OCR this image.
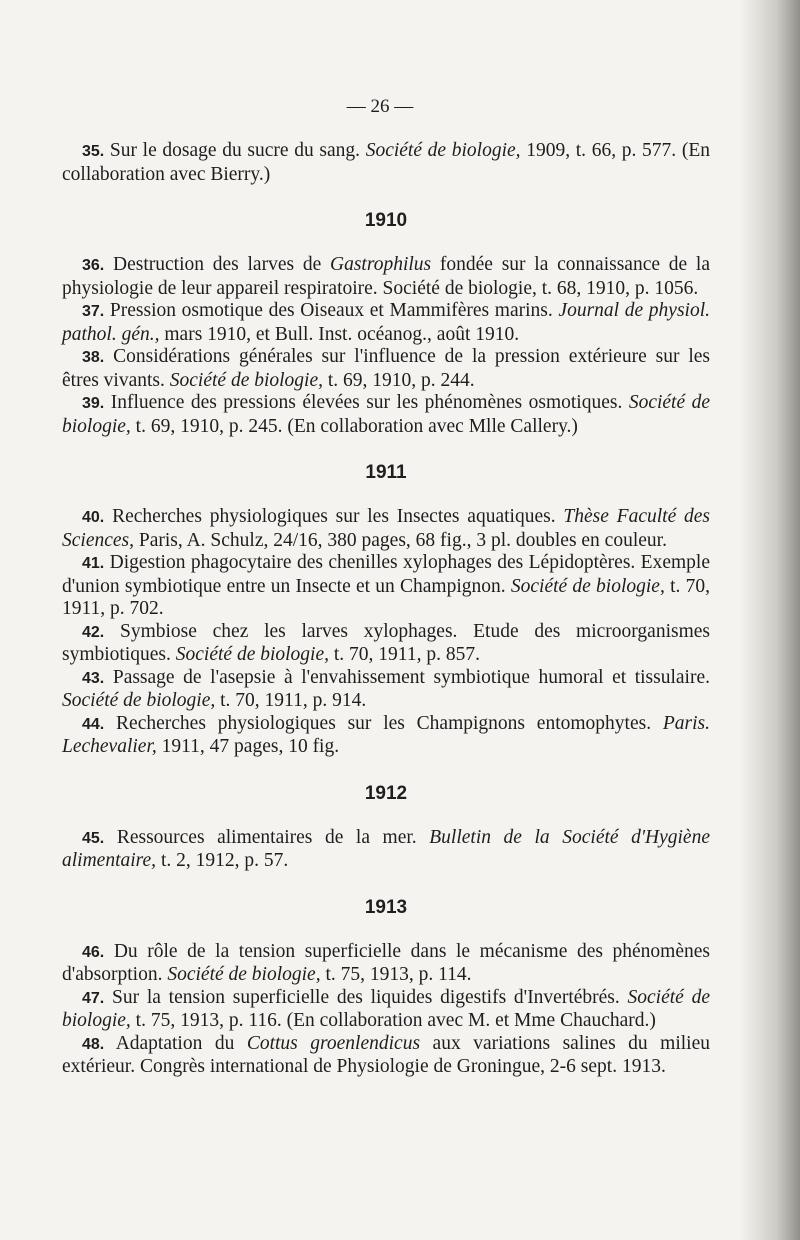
— 26 —

35. Sur le dosage du sucre du sang. Société de biologie, 1909, t. 66, p. 577. (En collaboration avec Bierry.)

1910

36. Destruction des larves de Gastrophilus fondée sur la connaissance de la physiologie de leur appareil respiratoire. Société de biologie, t. 68, 1910, p. 1056.

37. Pression osmotique des Oiseaux et Mammifères marins. Journal de physiol. pathol. gén., mars 1910, et Bull. Inst. océanog., août 1910.

38. Considérations générales sur l'influence de la pression extérieure sur les êtres vivants. Société de biologie, t. 69, 1910, p. 244.

39. Influence des pressions élevées sur les phénomènes osmotiques. Société de biologie, t. 69, 1910, p. 245. (En collaboration avec Mlle Callery.)

1911

40. Recherches physiologiques sur les Insectes aquatiques. Thèse Faculté des Sciences, Paris, A. Schulz, 24/16, 380 pages, 68 fig., 3 pl. doubles en couleur.

41. Digestion phagocytaire des chenilles xylophages des Lépidoptères. Exemple d'union symbiotique entre un Insecte et un Champignon. Société de biologie, t. 70, 1911, p. 702.

42. Symbiose chez les larves xylophages. Etude des microorganismes symbiotiques. Société de biologie, t. 70, 1911, p. 857.

43. Passage de l'asepsie à l'envahissement symbiotique humoral et tissulaire. Société de biologie, t. 70, 1911, p. 914.

44. Recherches physiologiques sur les Champignons entomophytes. Paris. Lechevalier, 1911, 47 pages, 10 fig.

1912

45. Ressources alimentaires de la mer. Bulletin de la Société d'Hygiène alimentaire, t. 2, 1912, p. 57.

1913

46. Du rôle de la tension superficielle dans le mécanisme des phénomènes d'absorption. Société de biologie, t. 75, 1913, p. 114.

47. Sur la tension superficielle des liquides digestifs d'Invertébrés. Société de biologie, t. 75, 1913, p. 116. (En collaboration avec M. et Mme Chauchard.)

48. Adaptation du Cottus groenlendicus aux variations salines du milieu extérieur. Congrès international de Physiologie de Groningue, 2-6 sept. 1913.
